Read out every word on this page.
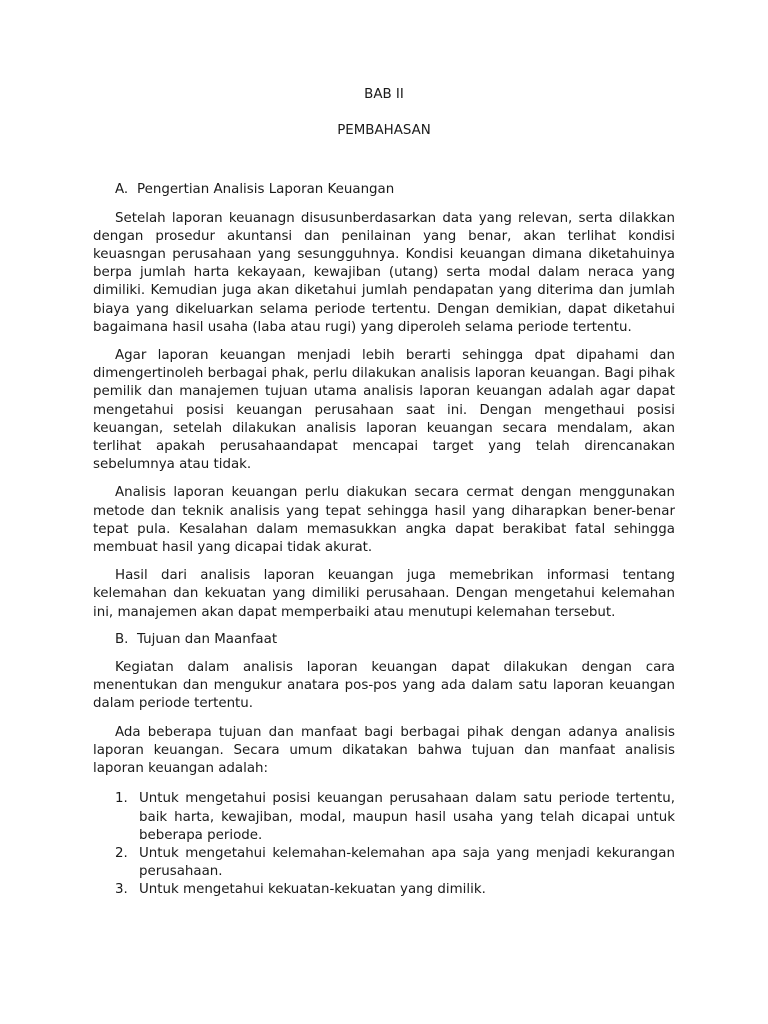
BAB II
PEMBAHASAN
A. Pengertian Analisis Laporan Keuangan

Setelah laporan keuanagn disusunberdasarkan data yang relevan, serta dilakkan dengan prosedur akuntansi dan penilainan yang benar, akan terlihat kondisi keuasngan perusahaan yang sesungguhnya. Kondisi keuangan dimana diketahuinya berpa jumlah harta kekayaan, kewajiban (utang) serta modal dalam neraca yang dimiliki. Kemudian juga akan diketahui jumlah pendapatan yang diterima dan jumlah biaya yang dikeluarkan selama periode tertentu. Dengan demikian, dapat diketahui bagaimana hasil usaha (laba atau rugi) yang diperoleh selama periode tertentu.

Agar laporan keuangan menjadi lebih berarti sehingga dpat dipahami dan dimengertinoleh berbagai phak, perlu dilakukan analisis laporan keuangan. Bagi pihak pemilik dan manajemen tujuan utama analisis laporan keuangan adalah agar dapat mengetahui posisi keuangan perusahaan saat ini. Dengan mengethaui posisi keuangan, setelah dilakukan analisis laporan keuangan secara mendalam, akan terlihat apakah perusahaandapat mencapai target yang telah direncanakan sebelumnya atau tidak.

Analisis laporan keuangan perlu diakukan secara cermat dengan menggunakan metode dan teknik analisis yang tepat sehingga hasil yang diharapkan bener-benar tepat pula. Kesalahan dalam memasukkan angka dapat berakibat fatal sehingga membuat hasil yang dicapai tidak akurat.

Hasil dari analisis laporan keuangan juga memebrikan informasi tentang kelemahan dan kekuatan yang dimiliki perusahaan. Dengan mengetahui kelemahan ini, manajemen akan dapat memperbaiki atau menutupi kelemahan tersebut.

B. Tujuan dan Maanfaat

Kegiatan dalam analisis laporan keuangan dapat dilakukan dengan cara menentukan dan mengukur anatara pos-pos yang ada dalam satu laporan keuangan dalam periode tertentu.

Ada beberapa tujuan dan manfaat bagi berbagai pihak dengan adanya analisis laporan keuangan. Secara umum dikatakan bahwa tujuan dan manfaat analisis laporan keuangan adalah:

1. Untuk mengetahui posisi keuangan perusahaan dalam satu periode tertentu, baik harta, kewajiban, modal, maupun hasil usaha yang telah dicapai untuk beberapa periode.
2. Untuk mengetahui kelemahan-kelemahan apa saja yang menjadi kekurangan perusahaan.
3. Untuk mengetahui kekuatan-kekuatan yang dimilik.
